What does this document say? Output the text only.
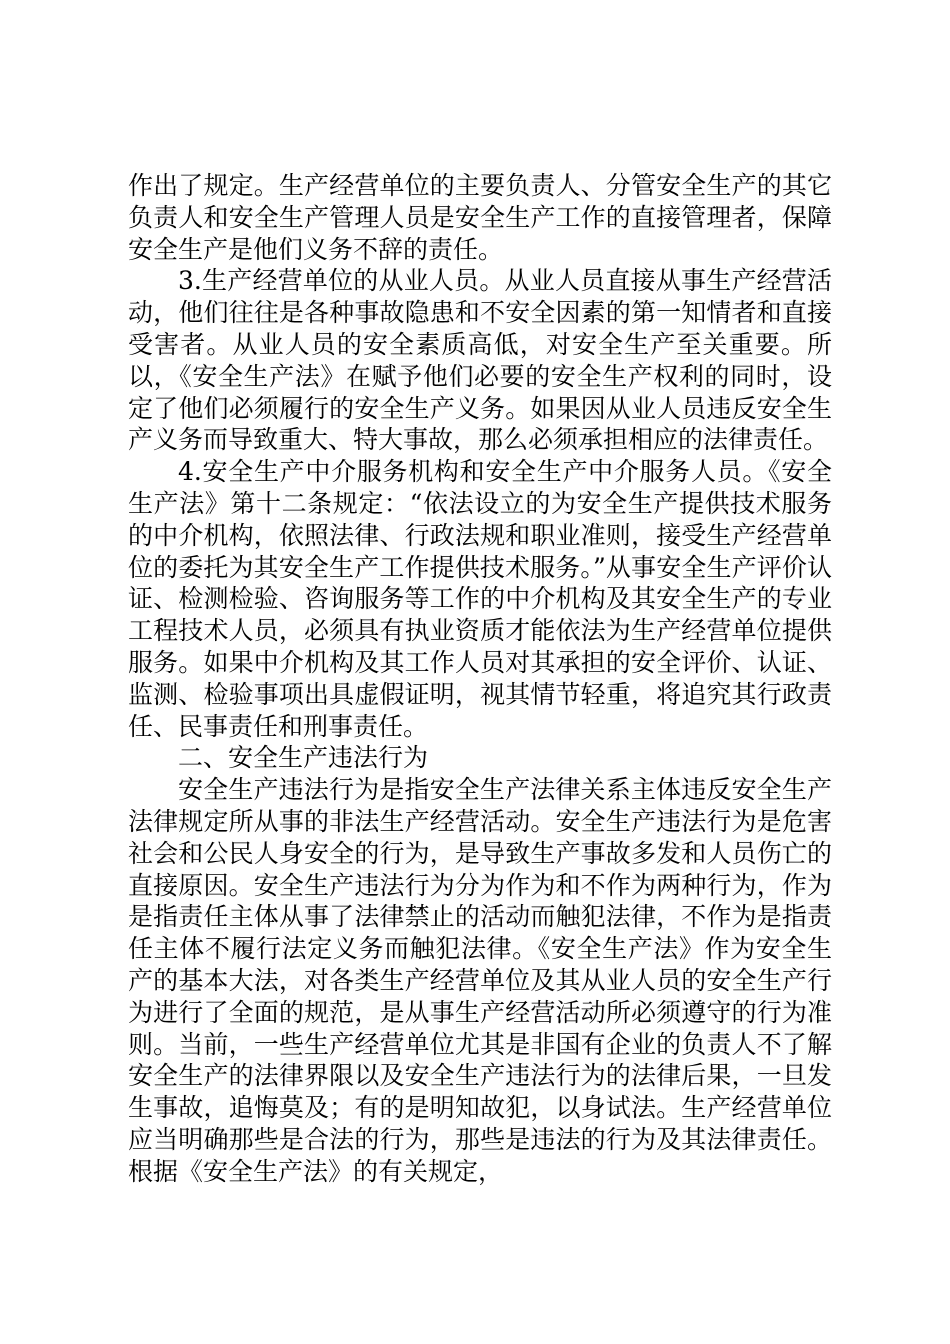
作出了规定。生产经营单位的主要负责人、分管安全生产的其它负责人和安全生产管理人员是安全生产工作的直接管理者，保障安全生产是他们义务不辞的责任。

3.生产经营单位的从业人员。从业人员直接从事生产经营活动，他们往往是各种事故隐患和不安全因素的第一知情者和直接受害者。从业人员的安全素质高低，对安全生产至关重要。所以，《安全生产法》在赋予他们必要的安全生产权利的同时，设定了他们必须履行的安全生产义务。如果因从业人员违反安全生产义务而导致重大、特大事故，那么必须承担相应的法律责任。

4.安全生产中介服务机构和安全生产中介服务人员。《安全生产法》第十二条规定：“依法设立的为安全生产提供技术服务的中介机构，依照法律、行政法规和职业准则，接受生产经营单位的委托为其安全生产工作提供技术服务。”从事安全生产评价认证、检测检验、咨询服务等工作的中介机构及其安全生产的专业工程技术人员，必须具有执业资质才能依法为生产经营单位提供服务。如果中介机构及其工作人员对其承担的安全评价、认证、监测、检验事项出具虚假证明，视其情节轻重，将追究其行政责任、民事责任和刑事责任。

二、安全生产违法行为

安全生产违法行为是指安全生产法律关系主体违反安全生产法律规定所从事的非法生产经营活动。安全生产违法行为是危害社会和公民人身安全的行为，是导致生产事故多发和人员伤亡的直接原因。安全生产违法行为分为作为和不作为两种行为，作为是指责任主体从事了法律禁止的活动而触犯法律，不作为是指责任主体不履行法定义务而触犯法律。《安全生产法》作为安全生产的基本大法，对各类生产经营单位及其从业人员的安全生产行为进行了全面的规范，是从事生产经营活动所必须遵守的行为准则。当前，一些生产经营单位尤其是非国有企业的负责人不了解安全生产的法律界限以及安全生产违法行为的法律后果，一旦发生事故，追悔莫及；有的是明知故犯，以身试法。生产经营单位应当明确那些是合法的行为，那些是违法的行为及其法律责任。根据《安全生产法》的有关规定，
